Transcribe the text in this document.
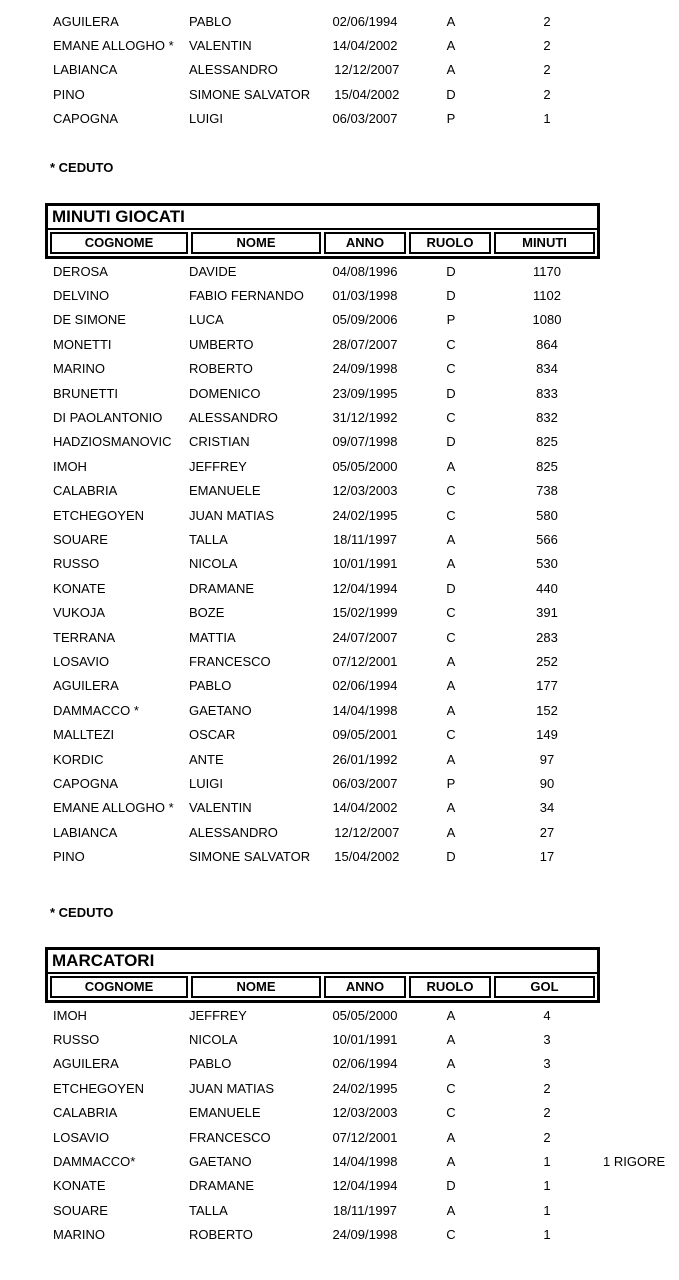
AGUILERA	PABLO	02/06/1994	A	2
EMANE ALLOGHO *	VALENTIN	14/04/2002	A	2
LABIANCA	ALESSANDRO	12/12/2007	A	2
PINO	SIMONE SALVATOR	15/04/2002	D	2
CAPOGNA	LUIGI	06/03/2007	P	1
* CEDUTO
MINUTI GIOCATI
COGNOME	NOME	ANNO	RUOLO	MINUTI
DEROSA	DAVIDE	04/08/1996	D	1170
DELVINO	FABIO FERNANDO	01/03/1998	D	1102
DE SIMONE	LUCA	05/09/2006	P	1080
MONETTI	UMBERTO	28/07/2007	C	864
MARINO	ROBERTO	24/09/1998	C	834
BRUNETTI	DOMENICO	23/09/1995	D	833
DI PAOLANTONIO	ALESSANDRO	31/12/1992	C	832
HADZIOSMANOVIC	CRISTIAN	09/07/1998	D	825
IMOH	JEFFREY	05/05/2000	A	825
CALABRIA	EMANUELE	12/03/2003	C	738
ETCHEGOYEN	JUAN MATIAS	24/02/1995	C	580
SOUARE	TALLA	18/11/1997	A	566
RUSSO	NICOLA	10/01/1991	A	530
KONATE	DRAMANE	12/04/1994	D	440
VUKOJA	BOZE	15/02/1999	C	391
TERRANA	MATTIA	24/07/2007	C	283
LOSAVIO	FRANCESCO	07/12/2001	A	252
AGUILERA	PABLO	02/06/1994	A	177
DAMMACCO *	GAETANO	14/04/1998	A	152
MALLTEZI	OSCAR	09/05/2001	C	149
KORDIC	ANTE	26/01/1992	A	97
CAPOGNA	LUIGI	06/03/2007	P	90
EMANE ALLOGHO *	VALENTIN	14/04/2002	A	34
LABIANCA	ALESSANDRO	12/12/2007	A	27
PINO	SIMONE SALVATOR	15/04/2002	D	17
* CEDUTO
MARCATORI
COGNOME	NOME	ANNO	RUOLO	GOL
IMOH	JEFFREY	05/05/2000	A	4
RUSSO	NICOLA	10/01/1991	A	3
AGUILERA	PABLO	02/06/1994	A	3
ETCHEGOYEN	JUAN MATIAS	24/02/1995	C	2
CALABRIA	EMANUELE	12/03/2003	C	2
LOSAVIO	FRANCESCO	07/12/2001	A	2
DAMMACCO*	GAETANO	14/04/1998	A	1	1 RIGORE
KONATE	DRAMANE	12/04/1994	D	1
SOUARE	TALLA	18/11/1997	A	1
MARINO	ROBERTO	24/09/1998	C	1
